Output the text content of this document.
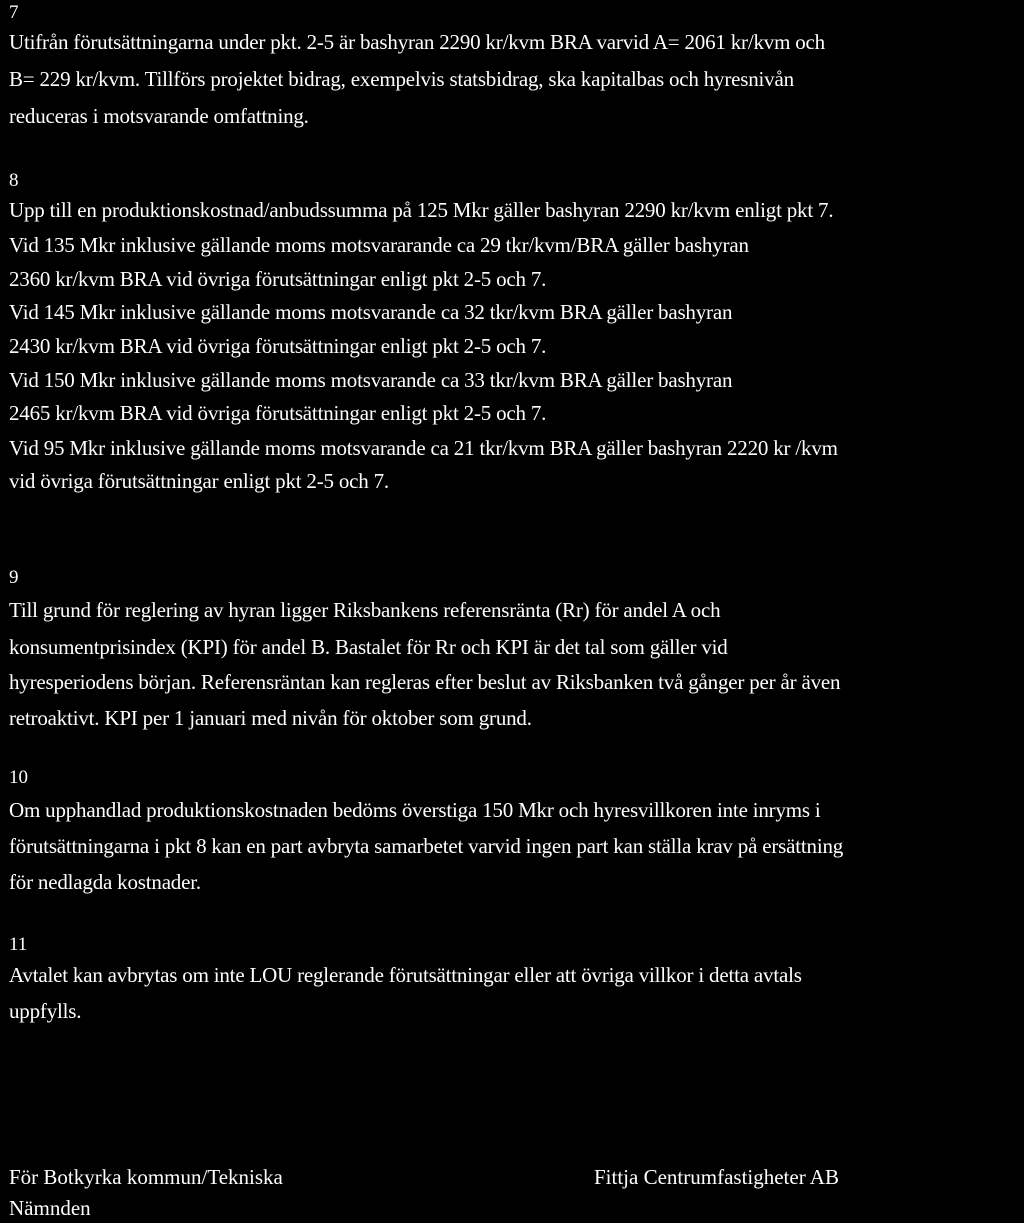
7
Utifrån förutsättningarna under pkt. 2-5 är bashyran 2290 kr/kvm BRA varvid A= 2061 kr/kvm och
B= 229 kr/kvm. Tillförs projektet bidrag, exempelvis statsbidrag, ska kapitalbas och hyresnivån
reduceras i motsvarande omfattning.
8
Upp till en produktionskostnad/anbudssumma på 125 Mkr gäller bashyran 2290 kr/kvm enligt pkt 7.
Vid 135 Mkr inklusive gällande moms motsvararande ca 29 tkr/kvm/BRA gäller bashyran
2360 kr/kvm BRA vid övriga förutsättningar enligt pkt 2-5 och 7.
Vid 145 Mkr inklusive gällande moms motsvarande ca 32 tkr/kvm BRA gäller bashyran
2430 kr/kvm BRA vid övriga förutsättningar enligt pkt 2-5 och 7.
Vid 150 Mkr inklusive gällande moms motsvarande ca 33 tkr/kvm BRA gäller bashyran
2465 kr/kvm BRA vid övriga förutsättningar enligt pkt 2-5 och 7.
Vid 95 Mkr inklusive gällande moms motsvarande ca 21 tkr/kvm BRA gäller bashyran 2220 kr /kvm
vid övriga förutsättningar enligt pkt 2-5 och 7.
9
Till grund för reglering av hyran ligger Riksbankens referensränta (Rr) för andel A och
konsumentprisindex (KPI) för andel B. Bastalet för Rr och KPI är det tal som gäller vid
hyresperiodens början. Referensräntan kan regleras efter beslut av Riksbanken två gånger per år även
retroaktivt. KPI per 1 januari med nivån för oktober som grund.
10
Om upphandlad produktionskostnaden bedöms överstiga 150 Mkr och hyresvillkoren inte inryms i
förutsättningarna i pkt 8 kan en part avbryta samarbetet varvid ingen part kan ställa krav på ersättning
för nedlagda kostnader.
11
Avtalet kan avbrytas om inte LOU reglerande förutsättningar eller att övriga villkor i detta avtals
uppfylls.
För Botkyrka kommun/Tekniska
Nämnden
Fittja Centrumfastigheter AB
